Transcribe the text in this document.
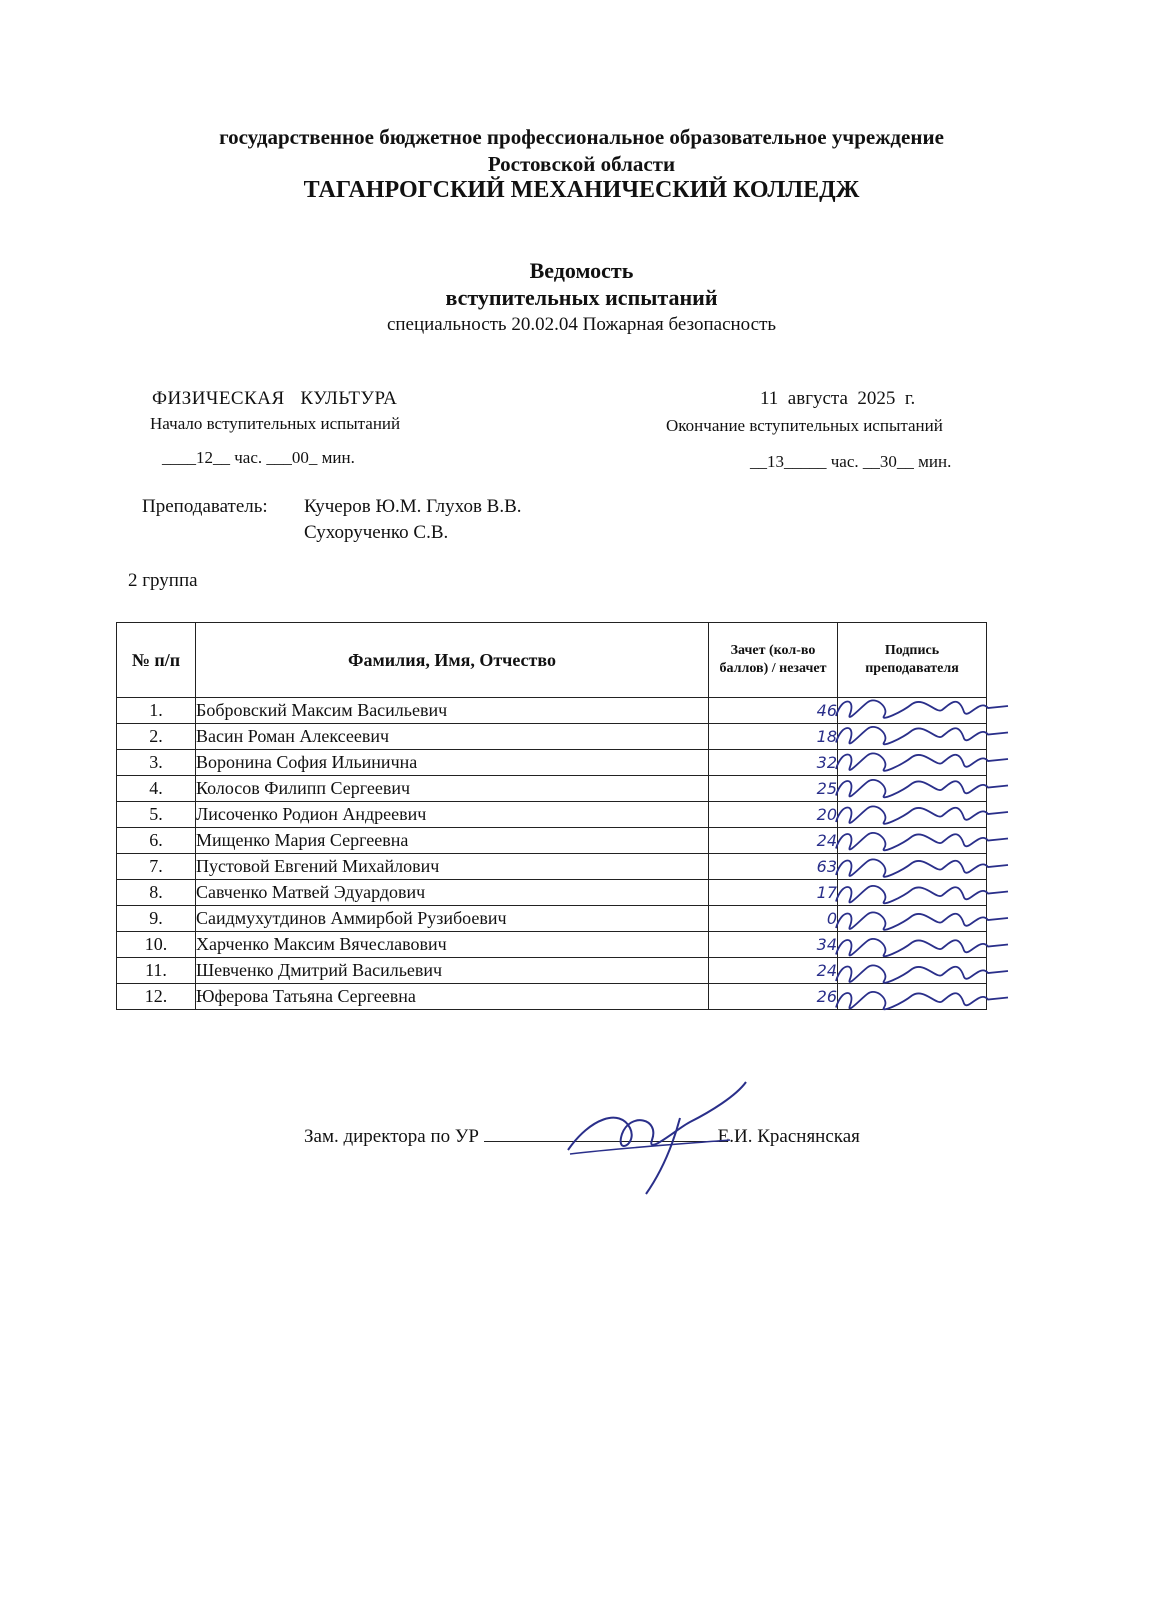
государственное бюджетное профессиональное образовательное учреждение
Ростовской области
ТАГАНРОГСКИЙ МЕХАНИЧЕСКИЙ КОЛЛЕДЖ
Ведомость
вступительных испытаний
специальность 20.02.04 Пожарная безопасность
ФИЗИЧЕСКАЯ   КУЛЬТУРА	11  августа  2025  г.
Начало вступительных испытаний	Окончание вступительных испытаний
____12__ час. ___00_ мин.	__13_____ час. __30__ мин.
Преподаватель: Кучеров Ю.М. Глухов В.В.
Сухорученко С.В.
2 группа
№ п/п	Фамилия, Имя, Отчество	Зачет (кол-во баллов) / незачет	Подпись преподавателя
1.	Бобровский Максим Васильевич	46	
2.	Васин Роман Алексеевич	18	
3.	Воронина София Ильинична	32	
4.	Колосов Филипп Сергеевич	25	
5.	Лисоченко Родион Андреевич	20	
6.	Мищенко Мария Сергеевна	24	
7.	Пустовой Евгений Михайлович	63	
8.	Савченко Матвей Эдуардович	17	
9.	Саидмухутдинов Аммирбой Рузибоевич	0	
10.	Харченко Максим Вячеславович	34	
11.	Шевченко Дмитрий Васильевич	24	
12.	Юферова Татьяна Сергеевна	26	
Зам. директора по УР	Е.И. Краснянская
